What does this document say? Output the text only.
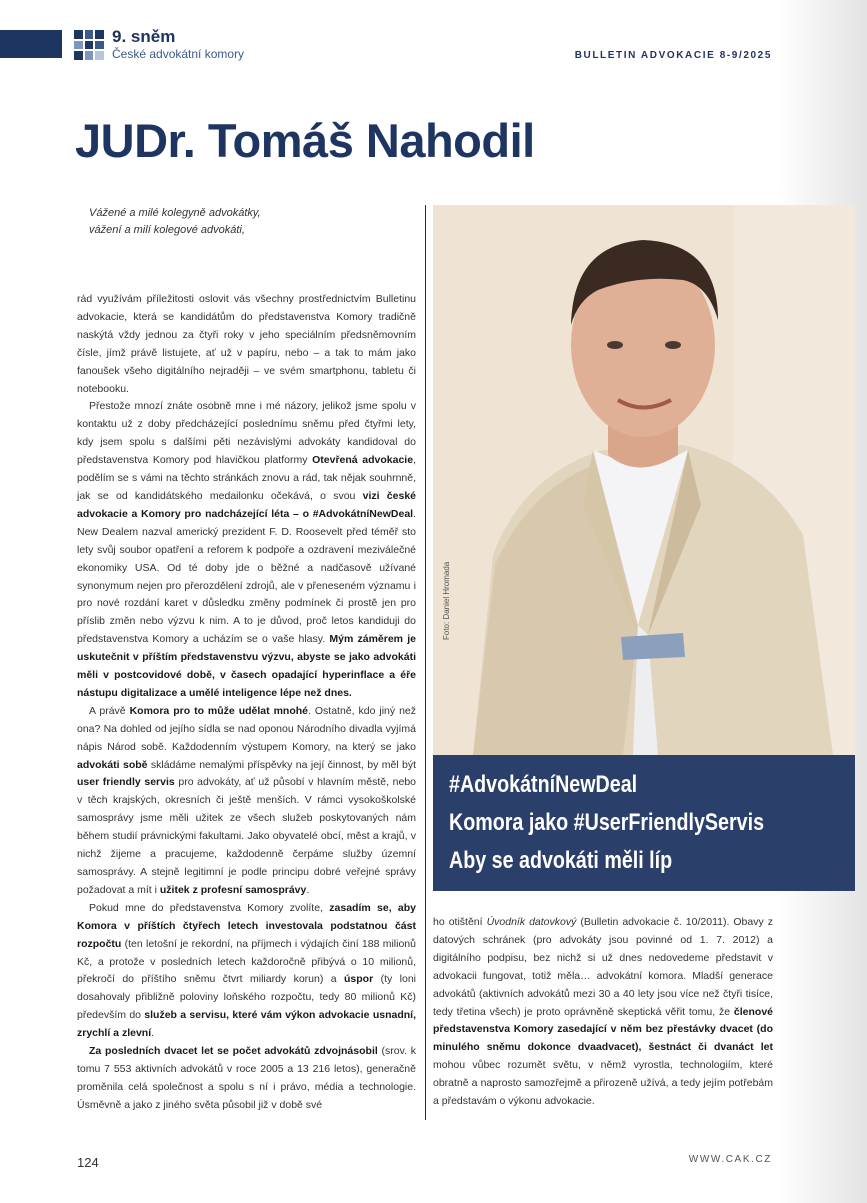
9. sněm
České advokátní komory	BULLETIN ADVOKACIE 8-9/2025
JUDr. Tomáš Nahodil
Vážené a milé kolegyně advokátky,
vážení a milí kolegové advokáti,

rád využívám příležitosti oslovit vás všechny prostřednictvím Bulletinu advokacie, která se kandidátům do představenstva Komory tradičně naskýtá vždy jednou za čtyři roky v jeho speciálním předsněmovním čísle, jímž právě listujete, ať už v papíru, nebo – a tak to mám jako fanoušek všeho digitálního nejraději – ve svém smartphonu, tabletu či notebooku.

Přestože mnozí znáte osobně mne i mé názory, jelikož jsme spolu v kontaktu už z doby předcházející poslednímu sněmu před čtyřmi lety, kdy jsem spolu s dalšími pěti nezávislými advokáty kandidoval do představenstva Komory pod hlavičkou platformy Otevřená advokacie, podělím se s vámi na těchto stránkách znovu a rád, tak nějak souhrnně, jak se od kandidátského medailonku očekává, o svou vizi české advokacie a Komory pro nadcházející léta – o #AdvokátníNewDeal. New Dealem nazval americký prezident F. D. Roosevelt před téměř sto lety svůj soubor opatření a reforem k podpoře a ozdravení meziválečné ekonomiky USA. Od té doby jde o běžné a nadčasově užívané synonymum nejen pro přerozdělení zdrojů, ale v přeneseném významu i pro nové rozdání karet v důsledku změny podmínek či prostě jen pro příslib změn nebo výzvu k nim. A to je důvod, proč letos kandiduji do představenstva Komory a ucházím se o vaše hlasy. Mým záměrem je uskutečnit v příštím představenstvu výzvu, abyste se jako advokáti měli v postcovidové době, v časech opadající hyperinflace a éře nástupu digitalizace a umělé inteligence lépe než dnes.

A právě Komora pro to může udělat mnohé. Ostatně, kdo jiný než ona? Na dohled od jejího sídla se nad oponou Národního divadla vyjímá nápis Národ sobě. Každodenním výstupem Komory, na který se jako advokáti sobě skládáme nemalými příspěvky na její činnost, by měl být user friendly servis pro advokáty, ať už působí v hlavním městě, nebo v těch krajských, okresních či ještě menších. V rámci vysokoškolské samosprávy jsme měli užitek ze všech služeb poskytovaných nám během studií právnickými fakultami. Jako obyvatelé obcí, měst a krajů, v nichž žijeme a pracujeme, každodenně čerpáme služby územní samosprávy. A stejně legitimní je podle principu dobré veřejné správy požadovat a mít i užitek z profesní samosprávy.

Pokud mne do představenstva Komory zvolíte, zasadím se, aby Komora v příštích čtyřech letech investovala podstatnou část rozpočtu (ten letošní je rekordní, na příjmech i výdajích činí 188 milionů Kč, a protože v posledních letech každoročně přibývá o 10 milionů, překročí do příštího sněmu čtvrt miliardy korun) a úspor (ty loni dosahovaly přibližně poloviny loňského rozpočtu, tedy 80 milionů Kč) především do služeb a servisu, které vám výkon advokacie usnadní, zrychlí a zlevní.

Za posledních dvacet let se počet advokátů zdvojnásobil (srov. k tomu 7 553 aktivních advokátů v roce 2005 a 13 216 letos), generačně proměnila celá společnost a spolu s ní i právo, média a technologie. Úsměvně a jako z jiného světa působil již v době své

Foto: Daniel Hromada
#AdvokátníNewDeal
Komora jako #UserFriendlyServis
Aby se advokáti měli líp

ho otištění Úvodník datovkový (Bulletin advokacie č. 10/2011). Obavy z datových schránek (pro advokáty jsou povinné od 1. 7. 2012) a digitálního podpisu, bez nichž si už dnes nedovedeme představit v advokacii fungovat, totiž měla… advokátní komora. Mladší generace advokátů (aktivních advokátů mezi 30 a 40 lety jsou více než čtyři tisíce, tedy třetina všech) je proto oprávněně skeptická věřit tomu, že členové představenstva Komory zasedající v něm bez přestávky dvacet (do minulého sněmu dokonce dvaadvacet), šestnáct či dvanáct let mohou vůbec rozumět světu, v němž vyrostla, technologiím, které obratně a naprosto samozřejmě a přirozeně užívá, a tedy jejím potřebám a představám o výkonu advokacie.

124	WWW.CAK.CZ
